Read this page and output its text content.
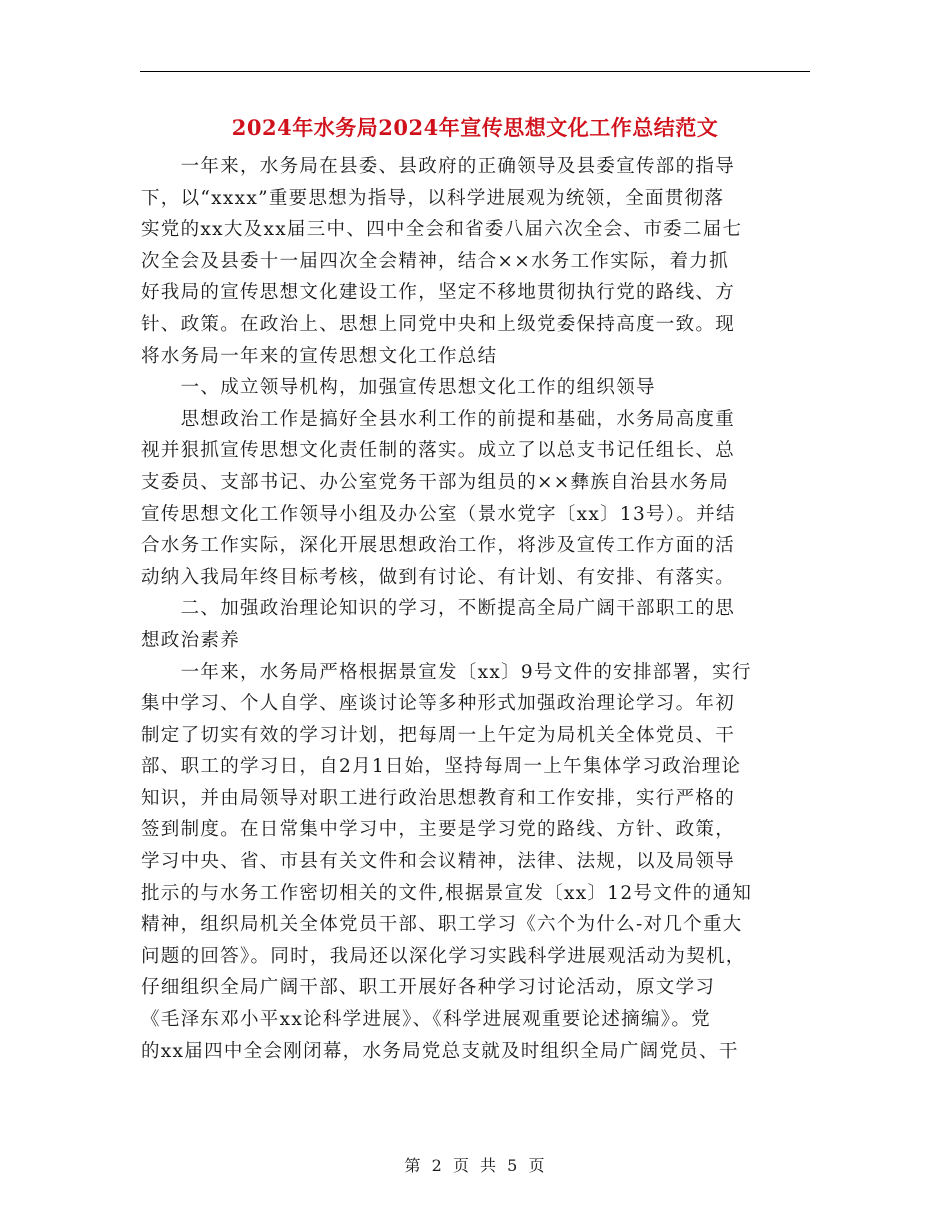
2024年水务局2024年宣传思想文化工作总结范文
　　一年来，水务局在县委、县政府的正确领导及县委宣传部的指导
下，以“xxxx”重要思想为指导，以科学进展观为统领，全面贯彻落
实党的xx大及xx届三中、四中全会和省委八届六次全会、市委二届七
次全会及县委十一届四次全会精神，结合××水务工作实际，着力抓
好我局的宣传思想文化建设工作，坚定不移地贯彻执行党的路线、方
针、政策。在政治上、思想上同党中央和上级党委保持高度一致。现
将水务局一年来的宣传思想文化工作总结
　　一、成立领导机构，加强宣传思想文化工作的组织领导
　　思想政治工作是搞好全县水利工作的前提和基础，水务局高度重
视并狠抓宣传思想文化责任制的落实。成立了以总支书记任组长、总
支委员、支部书记、办公室党务干部为组员的××彝族自治县水务局
宣传思想文化工作领导小组及办公室（景水党字〔xx〕13号）。并结
合水务工作实际，深化开展思想政治工作，将涉及宣传工作方面的活
动纳入我局年终目标考核，做到有讨论、有计划、有安排、有落实。
　　二、加强政治理论知识的学习，不断提高全局广阔干部职工的思
想政治素养
　　一年来，水务局严格根据景宣发〔xx〕9号文件的安排部署，实行
集中学习、个人自学、座谈讨论等多种形式加强政治理论学习。年初
制定了切实有效的学习计划，把每周一上午定为局机关全体党员、干
部、职工的学习日，自2月1日始，坚持每周一上午集体学习政治理论
知识，并由局领导对职工进行政治思想教育和工作安排，实行严格的
签到制度。在日常集中学习中，主要是学习党的路线、方针、政策，
学习中央、省、市县有关文件和会议精神，法律、法规，以及局领导
批示的与水务工作密切相关的文件,根据景宣发〔xx〕12号文件的通知
精神，组织局机关全体党员干部、职工学习《六个为什么-对几个重大
问题的回答》。同时，我局还以深化学习实践科学进展观活动为契机，
仔细组织全局广阔干部、职工开展好各种学习讨论活动，原文学习
《毛泽东邓小平xx论科学进展》、《科学进展观重要论述摘编》。党
的xx届四中全会刚闭幕，水务局党总支就及时组织全局广阔党员、干
第 2 页 共 5 页
